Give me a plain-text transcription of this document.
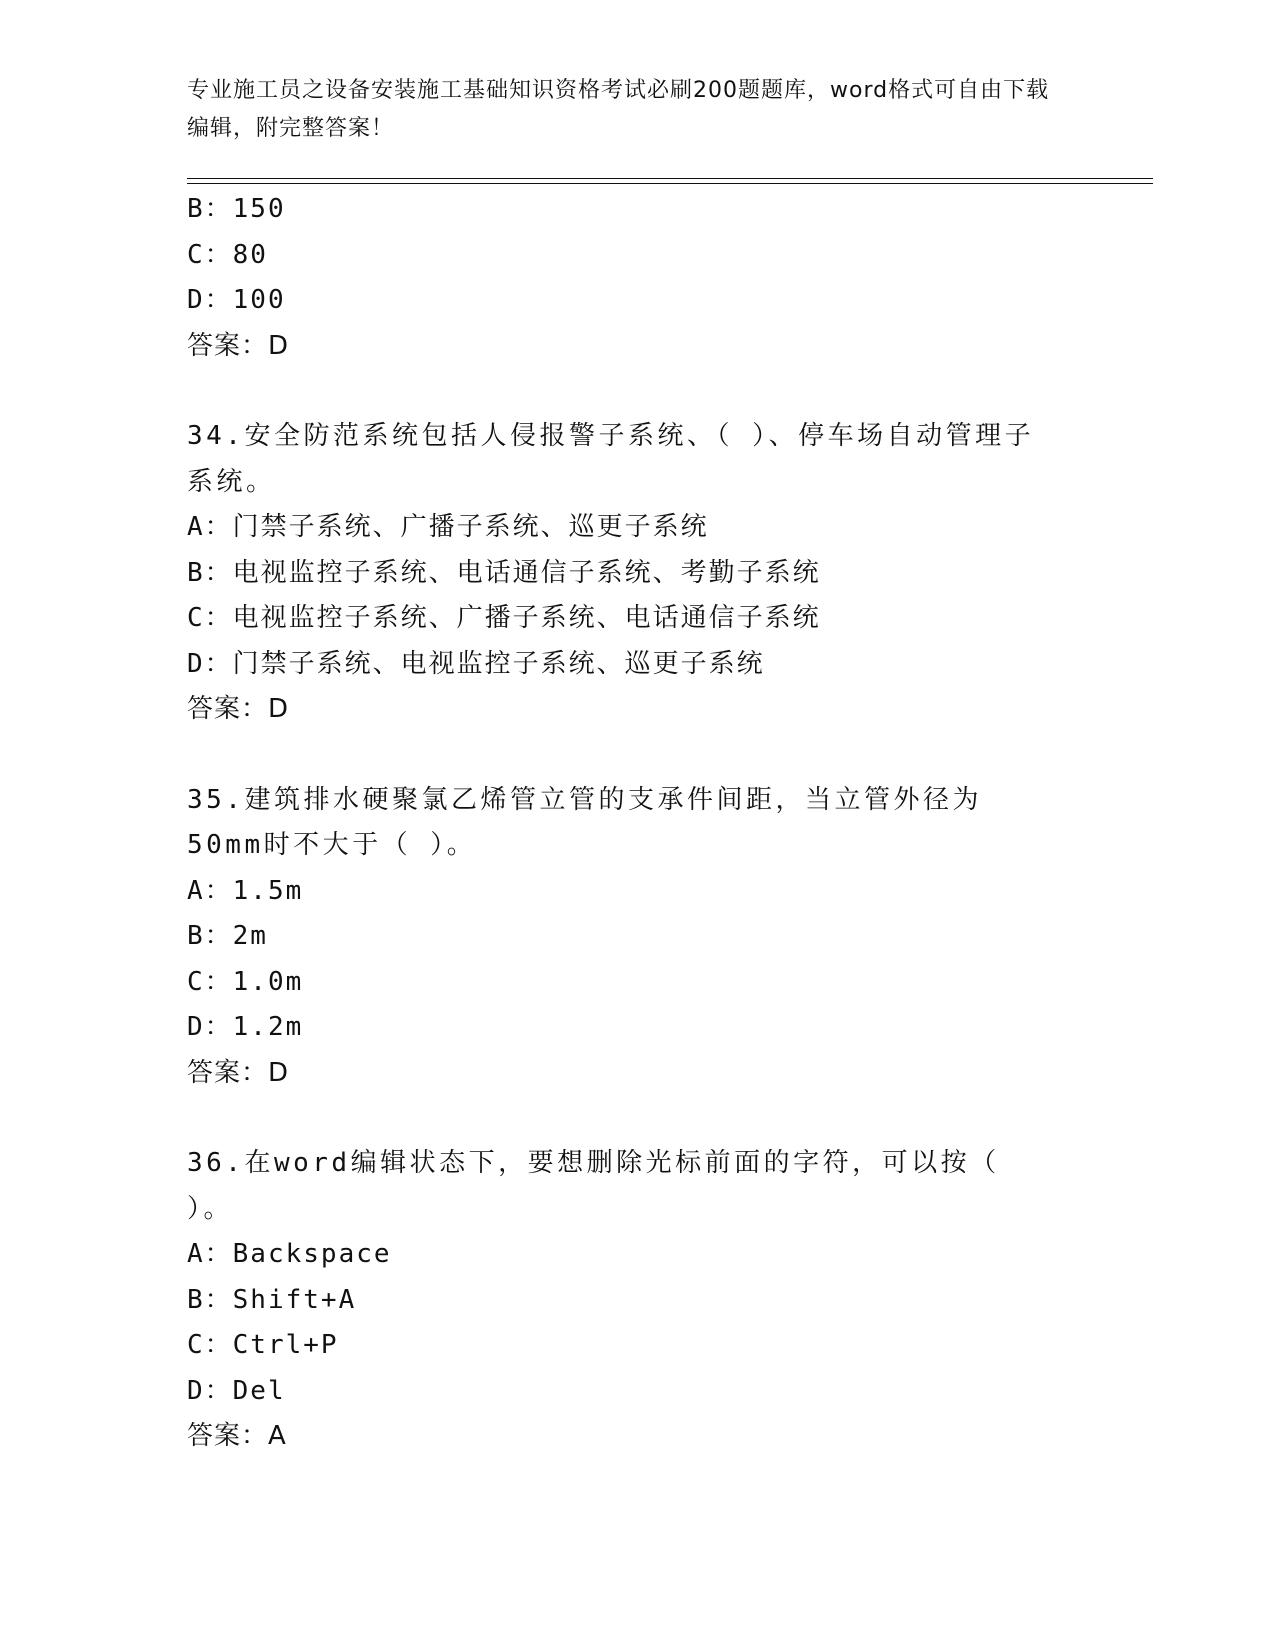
专业施工员之设备安装施工基础知识资格考试必刷200题题库，word格式可自由下载编辑，附完整答案！
B：150
C：80
D：100
答案：D
34.安全防范系统包括人侵报警子系统、（ ）、停车场自动管理子系统。
A：门禁子系统、广播子系统、巡更子系统
B：电视监控子系统、电话通信子系统、考勤子系统
C：电视监控子系统、广播子系统、电话通信子系统
D：门禁子系统、电视监控子系统、巡更子系统
答案：D
35.建筑排水硬聚氯乙烯管立管的支承件间距，当立管外径为50mm时不大于（ ）。
A：1.5m
B：2m
C：1.0m
D：1.2m
答案：D
36.在word编辑状态下，要想删除光标前面的字符，可以按（ ）。
A：Backspace
B：Shift+A
C：Ctrl+P
D：Del
答案：A
